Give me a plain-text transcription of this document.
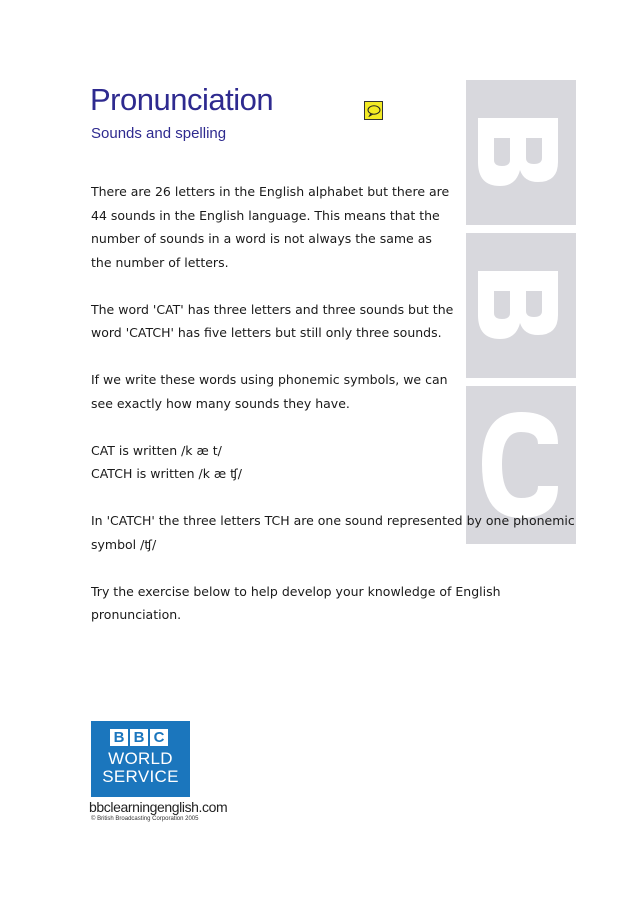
Pronunciation
Sounds and spelling
There are 26 letters in the English alphabet but there are
44 sounds in the English language. This means that the
number of sounds in a word is not always the same as
the number of letters.
The word 'CAT' has three letters and three sounds but the
word 'CATCH' has five letters but still only three sounds.
If we write these words using phonemic symbols, we can
see exactly how many sounds they have.
CAT is written /k æ t/
CATCH is written /k æ ʧ/
In 'CATCH' the three letters TCH are one sound represented by one phonemic
symbol /ʧ/
Try the exercise below to help develop your knowledge of English
pronunciation.
B B C
WORLD
SERVICE
bbclearningenglish.com
© British Broadcasting Corporation 2005
